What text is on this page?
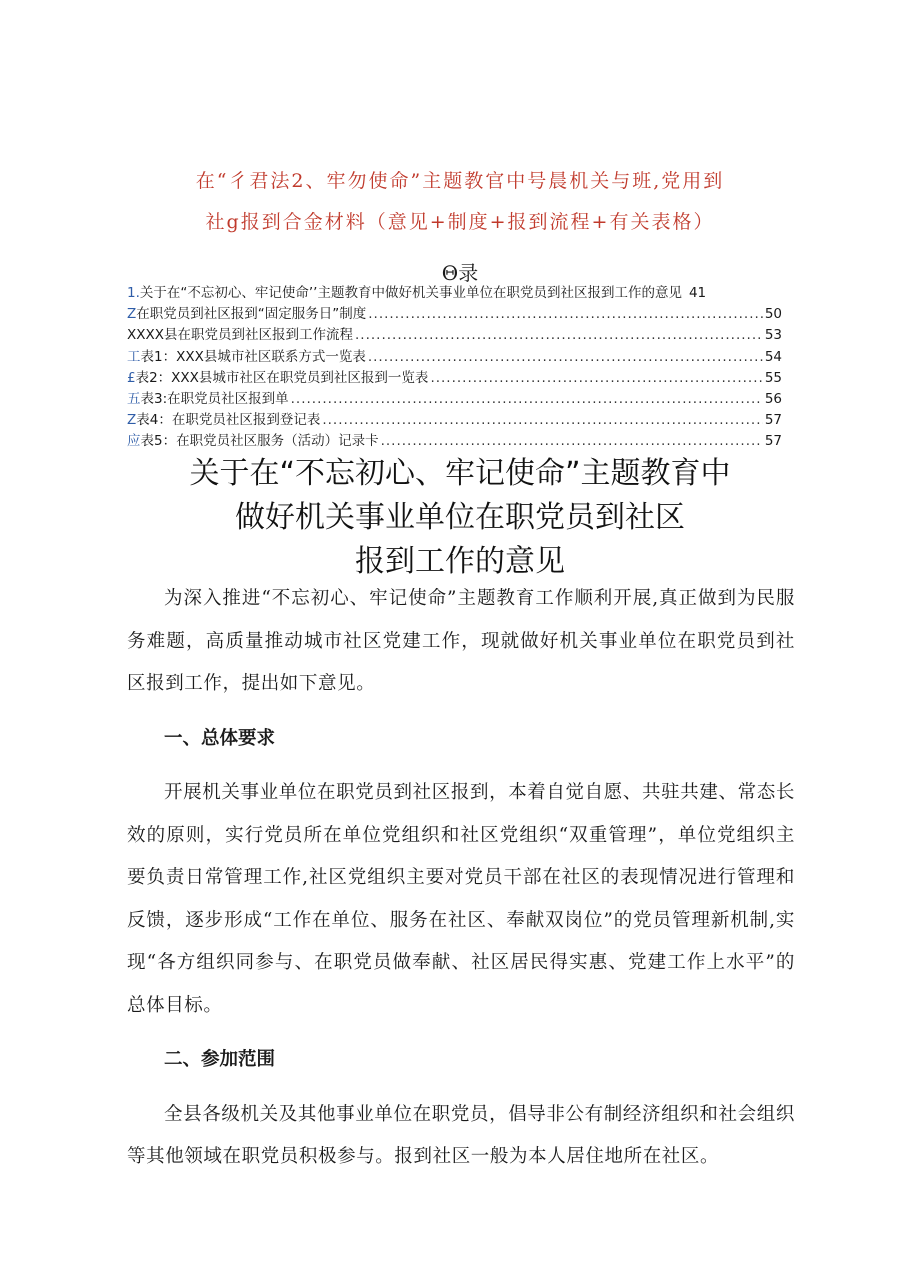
在“彳君法2、牢勿使命”主题教官中号晨机关与班,党用到
社g报到合金材料（意见+制度+报到流程+有关表格）
Θ录
1. 关于在“不忘初心、牢记使命’’主题教育中做好机关事业单位在职党员到社区报到工作的意见 41
Z 在职党员到社区报到“固定服务日”制度 .....	50
XXXX县在职党员到社区报到工作流程 .....	53
工 表1：XXX县城市社区联系方式一览表 .....	54
£ 表2：XXX县城市社区在职党员到社区报到一览表 .....	55
五 表3:在职党员社区报到单 .....	56
Z 表4：在职党员社区报到登记表 .....	57
应 表5：在职党员社区服务（活动）记录卡 .....	57
关于在“不忘初心、牢记使命”主题教育中
做好机关事业单位在职党员到社区
报到工作的意见

为深入推进“不忘初心、牢记使命”主题教育工作顺利开展,真正做到为民服务难题，高质量推动城市社区党建工作，现就做好机关事业单位在职党员到社区报到工作，提出如下意见。

一、总体要求

开展机关事业单位在职党员到社区报到，本着自觉自愿、共驻共建、常态长效的原则，实行党员所在单位党组织和社区党组织“双重管理”，单位党组织主要负责日常管理工作,社区党组织主要对党员干部在社区的表现情况进行管理和反馈，逐步形成“工作在单位、服务在社区、奉献双岗位”的党员管理新机制,实现“各方组织同参与、在职党员做奉献、社区居民得实惠、党建工作上水平”的总体目标。

二、参加范围

全县各级机关及其他事业单位在职党员，倡导非公有制经济组织和社会组织等其他领域在职党员积极参与。报到社区一般为本人居住地所在社区。
